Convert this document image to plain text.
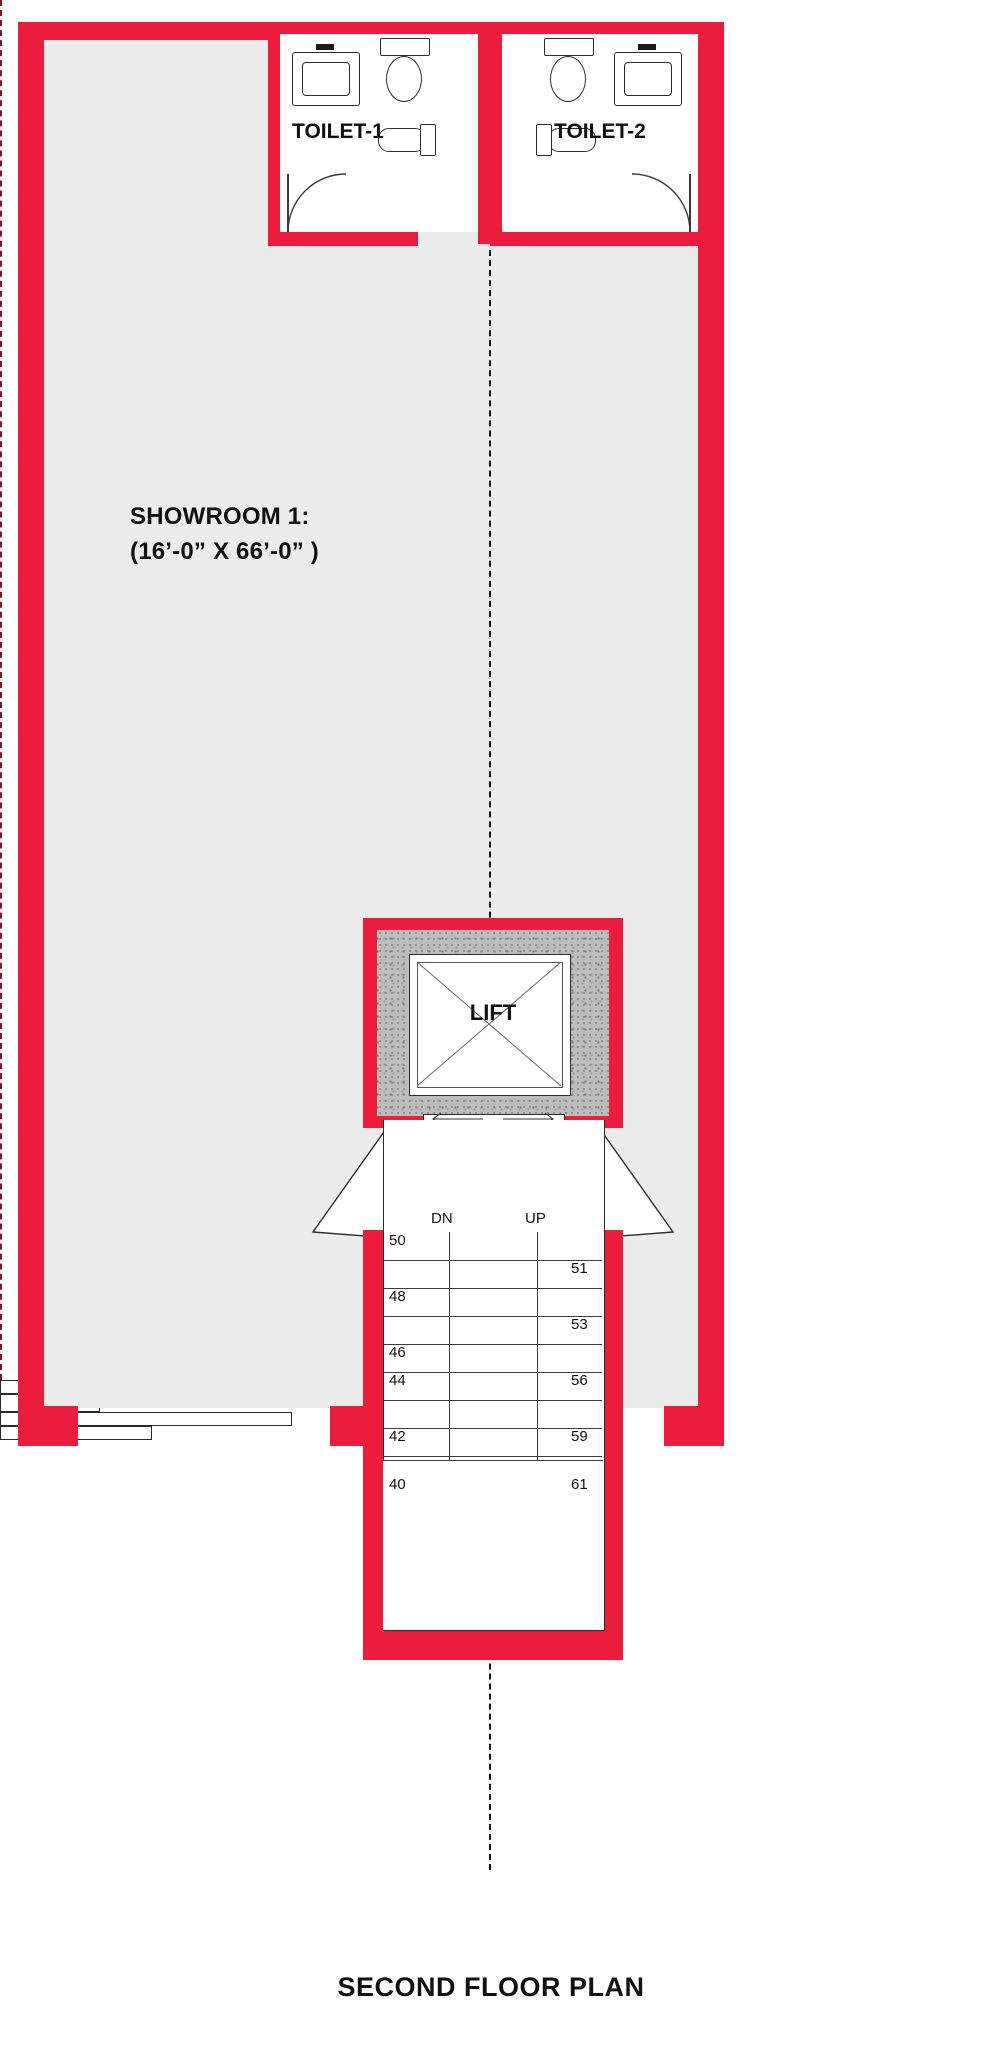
TOILET-1	TOILET-2
SHOWROOM 1:
(16’-0” X 66’-0” )
LIFT
DN	UP
50
48
46
44
42
40
51
53
56
59
61
SECOND FLOOR PLAN
